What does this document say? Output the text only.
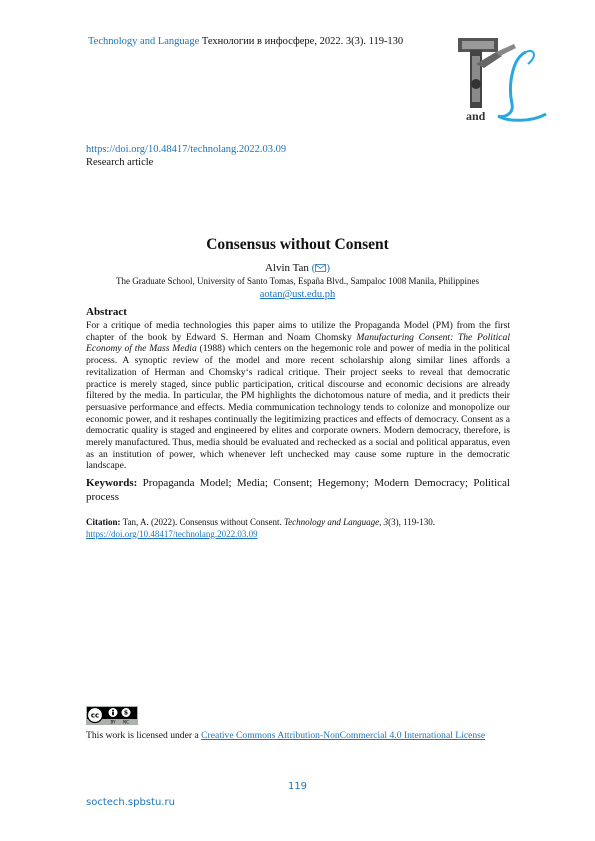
Technology and Language Технологии в инфосфере, 2022. 3(3). 119-130
and
https://doi.org/10.48417/technolang.2022.03.09
Research article
Consensus without Consent
Alvin Tan ( )
The Graduate School, University of Santo Tomas, España Blvd., Sampaloc 1008 Manila, Philippines
aotan@ust.edu.ph
Abstract
For a critique of media technologies this paper aims to utilize the Propaganda Model (PM) from the first chapter of the book by Edward S. Herman and Noam Chomsky Manufacturing Consent: The Political Economy of the Mass Media (1988) which centers on the hegemonic role and power of media in the political process. A synoptic review of the model and more recent scholarship along similar lines affords a revitalization of Herman and Chomsky‘s radical critique. Their project seeks to reveal that democratic practice is merely staged, since public participation, critical discourse and economic decisions are already filtered by the media. In particular, the PM highlights the dichotomous nature of media, and it predicts their persuasive performance and effects. Media communication technology tends to colonize and monopolize our economic power, and it reshapes continually the legitimizing practices and effects of democracy. Consent as a democratic quality is staged and engineered by elites and corporate owners. Modern democracy, therefore, is merely manufactured. Thus, media should be evaluated and rechecked as a social and political apparatus, even as an institution of power, which whenever left unchecked may cause some rupture in the democratic landscape.
Keywords: Propaganda Model; Media; Consent; Hegemony; Modern Democracy; Political process
Citation: Tan, A. (2022). Consensus without Consent. Technology and Language, 3(3), 119-130.
https://doi.org/10.48417/technolang.2022.03.09
cc	$
BY NC
This work is licensed under a Creative Commons Attribution-NonCommercial 4.0 International License
119
soctech.spbstu.ru
